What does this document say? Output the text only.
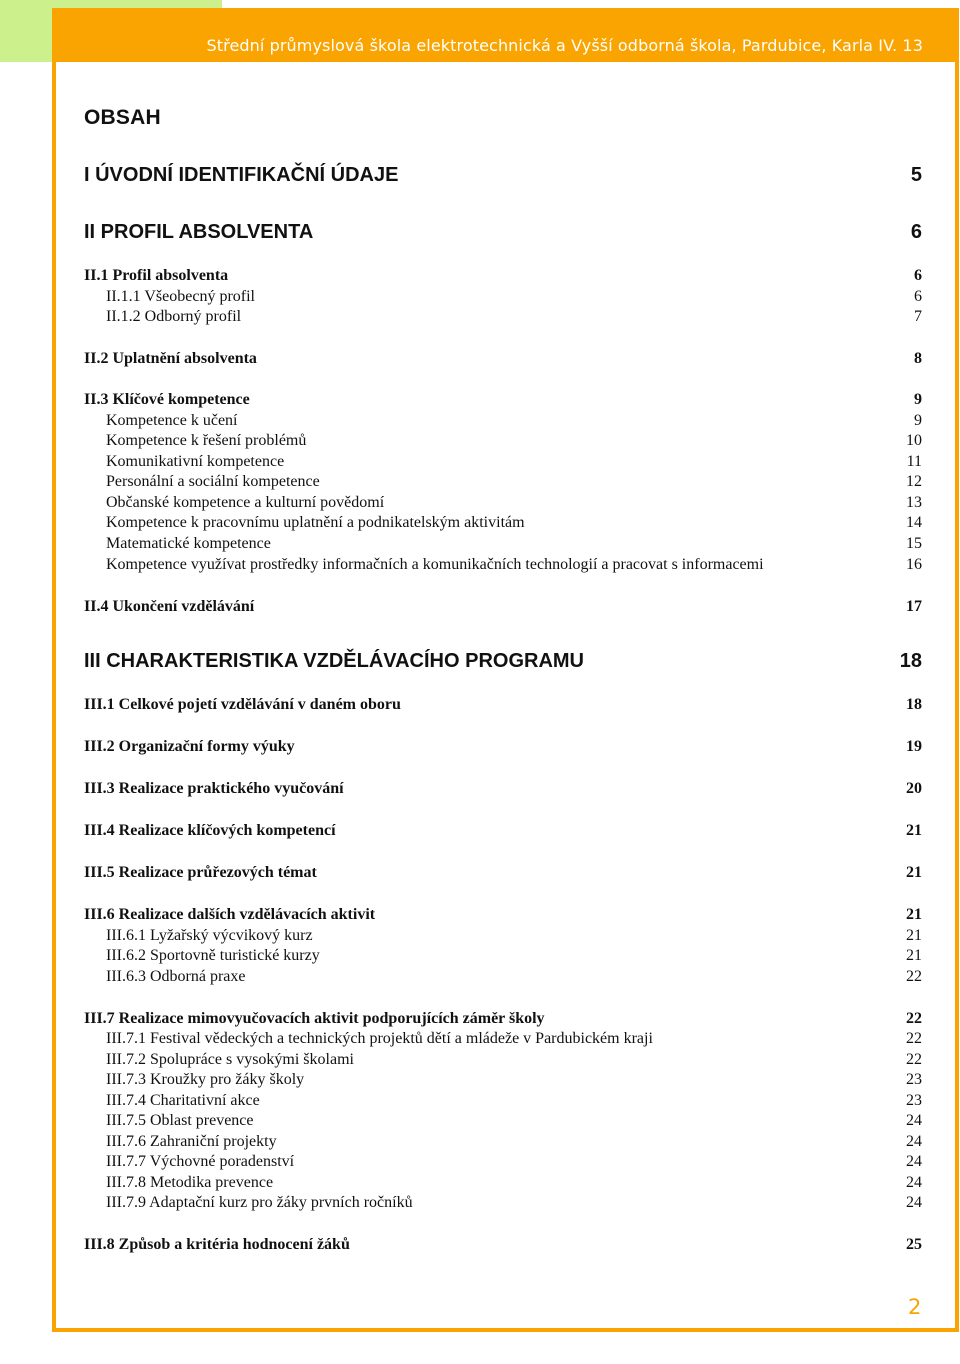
Střední průmyslová škola elektrotechnická a Vyšší odborná škola, Pardubice, Karla IV. 13
OBSAH
I ÚVODNÍ IDENTIFIKAČNÍ ÚDAJE	5
II PROFIL ABSOLVENTA	6
II.1 Profil absolventa	6
II.1.1 Všeobecný profil	6
II.1.2 Odborný profil	7
II.2 Uplatnění absolventa	8
II.3 Klíčové kompetence	9
Kompetence k učení	9
Kompetence k řešení problémů	10
Komunikativní kompetence	11
Personální a sociální kompetence	12
Občanské kompetence a kulturní povědomí	13
Kompetence k pracovnímu uplatnění a podnikatelským aktivitám	14
Matematické kompetence	15
Kompetence využívat prostředky informačních a komunikačních technologií a pracovat s informacemi	16
II.4 Ukončení vzdělávání	17
III CHARAKTERISTIKA VZDĚLÁVACÍHO PROGRAMU	18
III.1 Celkové pojetí vzdělávání v daném oboru	18
III.2 Organizační formy výuky	19
III.3 Realizace praktického vyučování	20
III.4 Realizace klíčových kompetencí	21
III.5 Realizace průřezových témat	21
III.6 Realizace dalších vzdělávacích aktivit	21
III.6.1 Lyžařský výcvikový kurz	21
III.6.2 Sportovně turistické kurzy	21
III.6.3 Odborná praxe	22
III.7 Realizace mimovyučovacích aktivit podporujících záměr školy	22
III.7.1 Festival vědeckých a technických projektů dětí a mládeže v Pardubickém kraji	22
III.7.2 Spolupráce s vysokými školami	22
III.7.3 Kroužky pro žáky školy	23
III.7.4 Charitativní akce	23
III.7.5 Oblast prevence	24
III.7.6 Zahraniční projekty	24
III.7.7 Výchovné poradenství	24
III.7.8 Metodika prevence	24
III.7.9 Adaptační kurz pro žáky prvních ročníků	24
III.8 Způsob a kritéria hodnocení žáků	25
2
